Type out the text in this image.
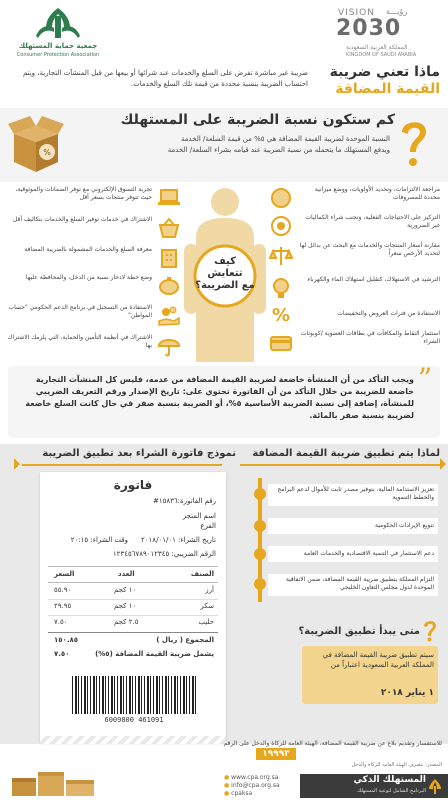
جمعية حماية المستهلك
Consumer Protection Association
VISION رؤيـــة
2030
المملكة العربية السعودية
KINGDOM OF SAUDI ARABIA
ماذا تعني ضريبة
القيمة المضافة
ضريبة غير مباشرة تفرض على السلع والخدمات عند شرائها أو بيعها من قبل المنشآت التجارية، ويتم احتساب الضريبة بنسبة محددة من قيمة تلك السلع والخدمات.
%
كم ستكون نسبة الضريبة على المستهلك
النسبة الموحدة لضريبة القيمة المضافة هي ٥% من قيمة السلعة/ الخدمة
ويدفع المستهلك ما يتحمله من نسبة الضريبة عند قيامه بشراء السلعة/ الخدمة
كيف
تتعايش
مع الضريبة؟
مراجعة الالتزامات، وتحديد الأولويات، ووضع ميزانية محددة للمصروفات
التركيز على الاحتياجات الفعلية، وتجنب شراء الكماليات غير الضرورية
مقارنة أسعار المنتجات والخدمات مع البحث عن بدائل لها لتحديد الأرخص سعراً
الترشيد في الاستهلاك، كتقليل استهلاك الماء والكهرباء
%	الاستفادة من فترات العروض والتخفيضات
استثمار النقاط والمكافآت في بطاقات العضوية /كوبونات الشراء
تجربة التسوق الإلكتروني مع توفر الضمانات والموثوقية، حيث تتوفر منتجات بسعر أقل
الاشتراك في خدمات توفير السلع والخدمات بتكاليف أقل
معرفة السلع والخدمات المشمولة بالضريبة المضافة
وضع خطة لادخار نسبة من الدخل، والمحافظة عليها
الاستفادة من التسجيل في برنامج الدعم الحكومي "حساب المواطن"
الاشتراك في أنظمة التأمين والحماية، التي يلزمك الاشتراك بها
”
ويجب التأكد من أن المنشأة خاضعة لضريبة القيمة المضافة من عدمه، فليس كل المنشآت التجارية خاضعة للضريبة من خلال التأكد من أن الفاتورة تحتوي على: تاريخ الإصدار ورقم التعريف الضريبي للمنشأة، إضافة إلى نسبة الضريبة الأساسية ٥%، أو الضريبة بنسبة صفر في حال كانت السلع خاضعة لضريبة بنسبة صفر بالمائة.
لماذا يتم تطبيق ضريبة القيمة المضافة
تعزيز الاستدامة المالية، بتوفير مصدر ثابت للأموال لدعم البرامج والخطط التنموية
تنويع الإيرادات الحكومية
دعم الاستثمار في التنمية الاقتصادية والخدمات العامة
التزام المملكة بتطبيق ضريبة القيمة المضافة، ضمن الاتفاقية الموحدة لدول مجلس التعاون الخليجي
متى يبدأ تطبيق الضريبة؟
سيتم تطبيق ضريبة القيمة المضافة في المملكة العربية السعودية اعتباراً من
١ يناير ٢٠١٨
نموذج فاتورة الشراء بعد تطبيق الضريبة
فاتورة
رقم الفاتورة:١٥٨٣٦#
اسم المتجر
الفرع
تاريخ الشراء: ٢٠١٨/٠١/٠١
وقت الشراء: ٢٠:١٥
الرقم الضريبي: ١٢٣٤٥٦٧٨٩٠١٢٣٤٥
الصنف
العدد
السعر
أرز
١٠ كجم
٥٥.٩٠
سكر
١٠ كجم
٢٩.٩٥
حليب
٢.٥ كجم
٧.٥٠
المجموع ( ريال )
١٥٠.٨٥
يشمل ضريبة القيمة المضافة (٥%)
٧.٥٠
6009800 461091
للاستفسار وتقديم بلاغ عن ضريبة القيمة المضافة، الهيئة العامة للزكاة والدخل على الرقم
١٩٩٩٣
المصدر: بتصرف الهيئة العامة للزكاة والدخل
المستهلك الذكي
البرنامج الشامل لتوعية المستهلك
● www.cpa.org.sa
● info@cpa.org.sa
● cpaksa
